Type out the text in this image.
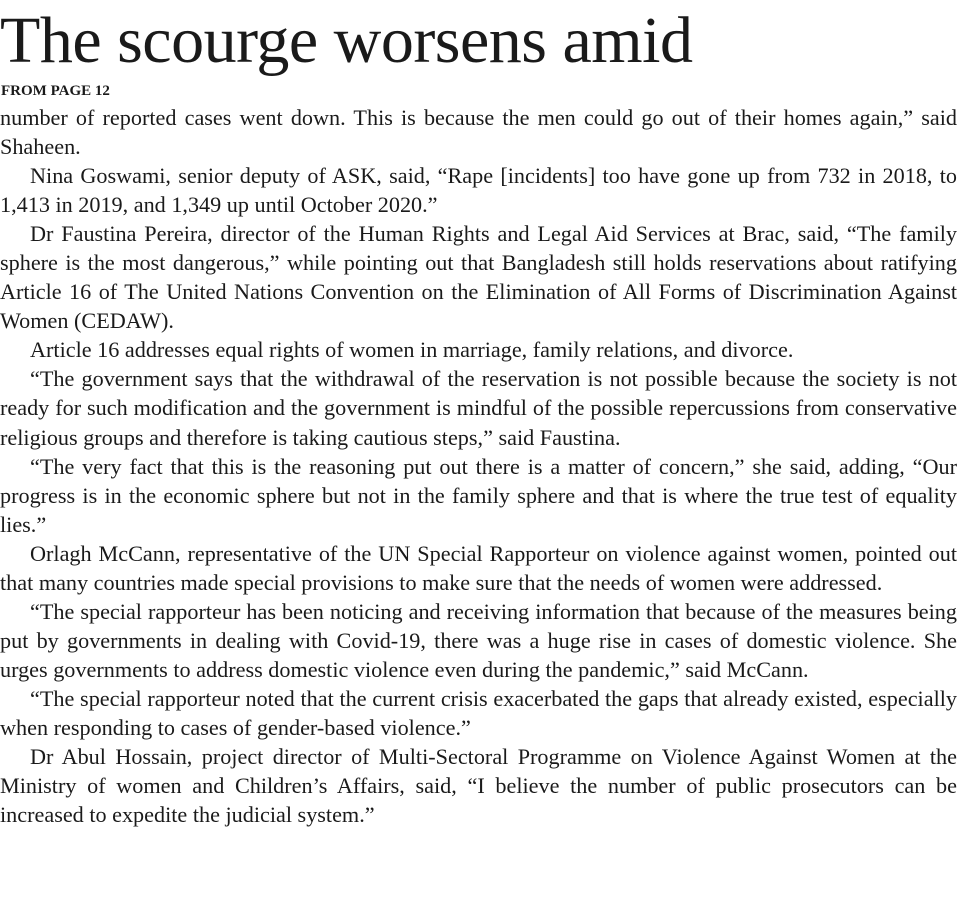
The scourge worsens amid
FROM PAGE 12

number of reported cases went down. This is because the men could go out of their homes again,” said Shaheen.

Nina Goswami, senior deputy of ASK, said, “Rape [incidents] too have gone up from 732 in 2018, to 1,413 in 2019, and 1,349 up until October 2020.”

Dr Faustina Pereira, director of the Human Rights and Legal Aid Services at Brac, said, “The family sphere is the most dangerous,” while pointing out that Bangladesh still holds reservations about ratifying Article 16 of The United Nations Convention on the Elimination of All Forms of Discrimination Against Women (CEDAW).

Article 16 addresses equal rights of women in marriage, family relations, and divorce.

“The government says that the withdrawal of the reservation is not possible because the society is not ready for such modification and the government is mindful of the possible repercussions from conservative religious groups and therefore is taking cautious steps,” said Faustina.

“The very fact that this is the reasoning put out there is a matter of concern,” she said, adding, “Our progress is in the economic sphere but not in the family sphere and that is where the true test of equality lies.”

Orlagh McCann, representative of the UN Special Rapporteur on violence against women, pointed out that many countries made special provisions to make sure that the needs of women were addressed.

“The special rapporteur has been noticing and receiving information that because of the measures being put by governments in dealing with Covid-19, there was a huge rise in cases of domestic violence. She urges governments to address domestic violence even during the pandemic,” said McCann.

“The special rapporteur noted that the current crisis exacerbated the gaps that already existed, especially when responding to cases of gender-based violence.”

Dr Abul Hossain, project director of Multi-Sectoral Programme on Violence Against Women at the Ministry of women and Children’s Affairs, said, “I believe the number of public prosecutors can be increased to expedite the judicial system.”
